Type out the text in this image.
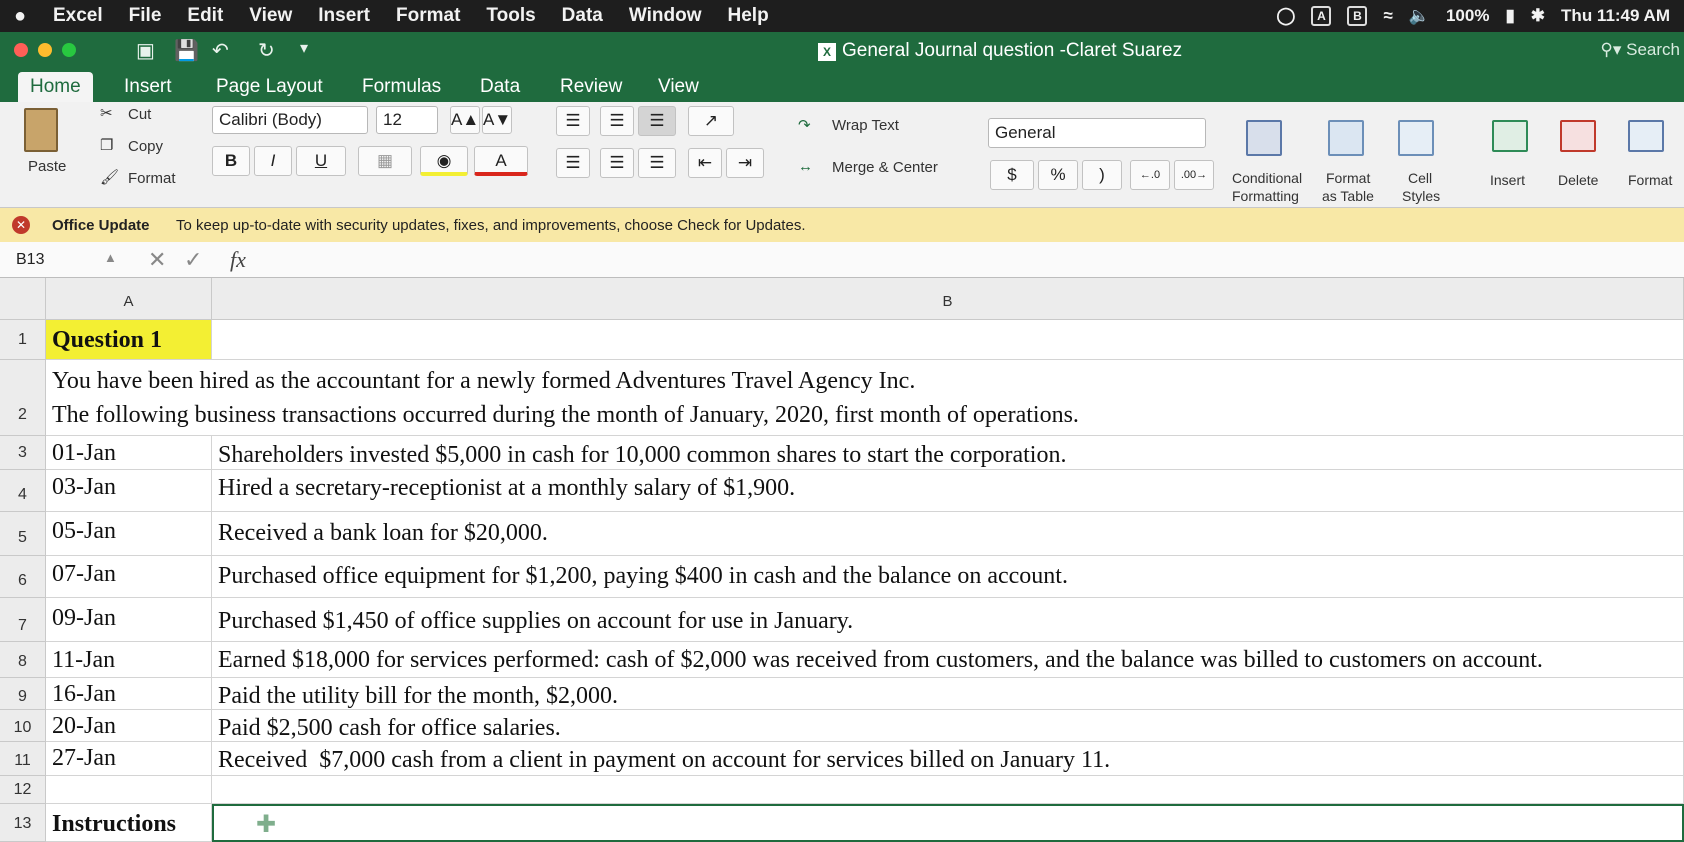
●	Excel	File	Edit	View	Insert	Format	Tools	Data	Window	Help	◯	A	B	≈ 🔈 100% ▮ ✱ Thu 11:49 AM
▣ 💾 ↶ ↻ ▾	X General Journal question -Claret Suarez	⚲▾ Search
Home	Insert	Page Layout	Formulas	Data	Review	View
Paste
✂ Cut
❐ Copy
🖌 Format
Calibri (Body)	12	A▲ A▼
B	I	U	▦	◉	A
☰	☰	☰	↗
☰	☰	☰	⇤	⇥
↷ Wrap Text
↔ Merge & Center
General
$	%	)	←.0	.00→	Conditional
Formatting
Format
as Table
Cell
Styles
Insert Delete Format
✕ Office Update To keep up-to-date with security updates, fixes, and improvements, choose Check for Updates.
B13	▲ ✕ ✓ fx
A	B
1	Question 1
2
You have been hired as the accountant for a newly formed Adventures Travel Agency Inc.
The following business transactions occurred during the month of January, 2020, first month of operations.
3	01-Jan	Shareholders invested $5,000 in cash for 10,000 common shares to start the corporation.
4	03-Jan	Hired a secretary-receptionist at a monthly salary of $1,900.
5	05-Jan	Received a bank loan for $20,000.
6	07-Jan	Purchased office equipment for $1,200, paying $400 in cash and the balance on account.
7	09-Jan	Purchased $1,450 of office supplies on account for use in January.
8	11-Jan	Earned $18,000 for services performed: cash of $2,000 was received from customers, and the balance was billed to customers on account.
9	16-Jan	Paid the utility bill for the month, $2,000.
10 20-Jan	Paid $2,500 cash for office salaries.
11 27-Jan	Received  $7,000 cash from a client in payment on account for services billed on January 11.
12
13 Instructions	✚
